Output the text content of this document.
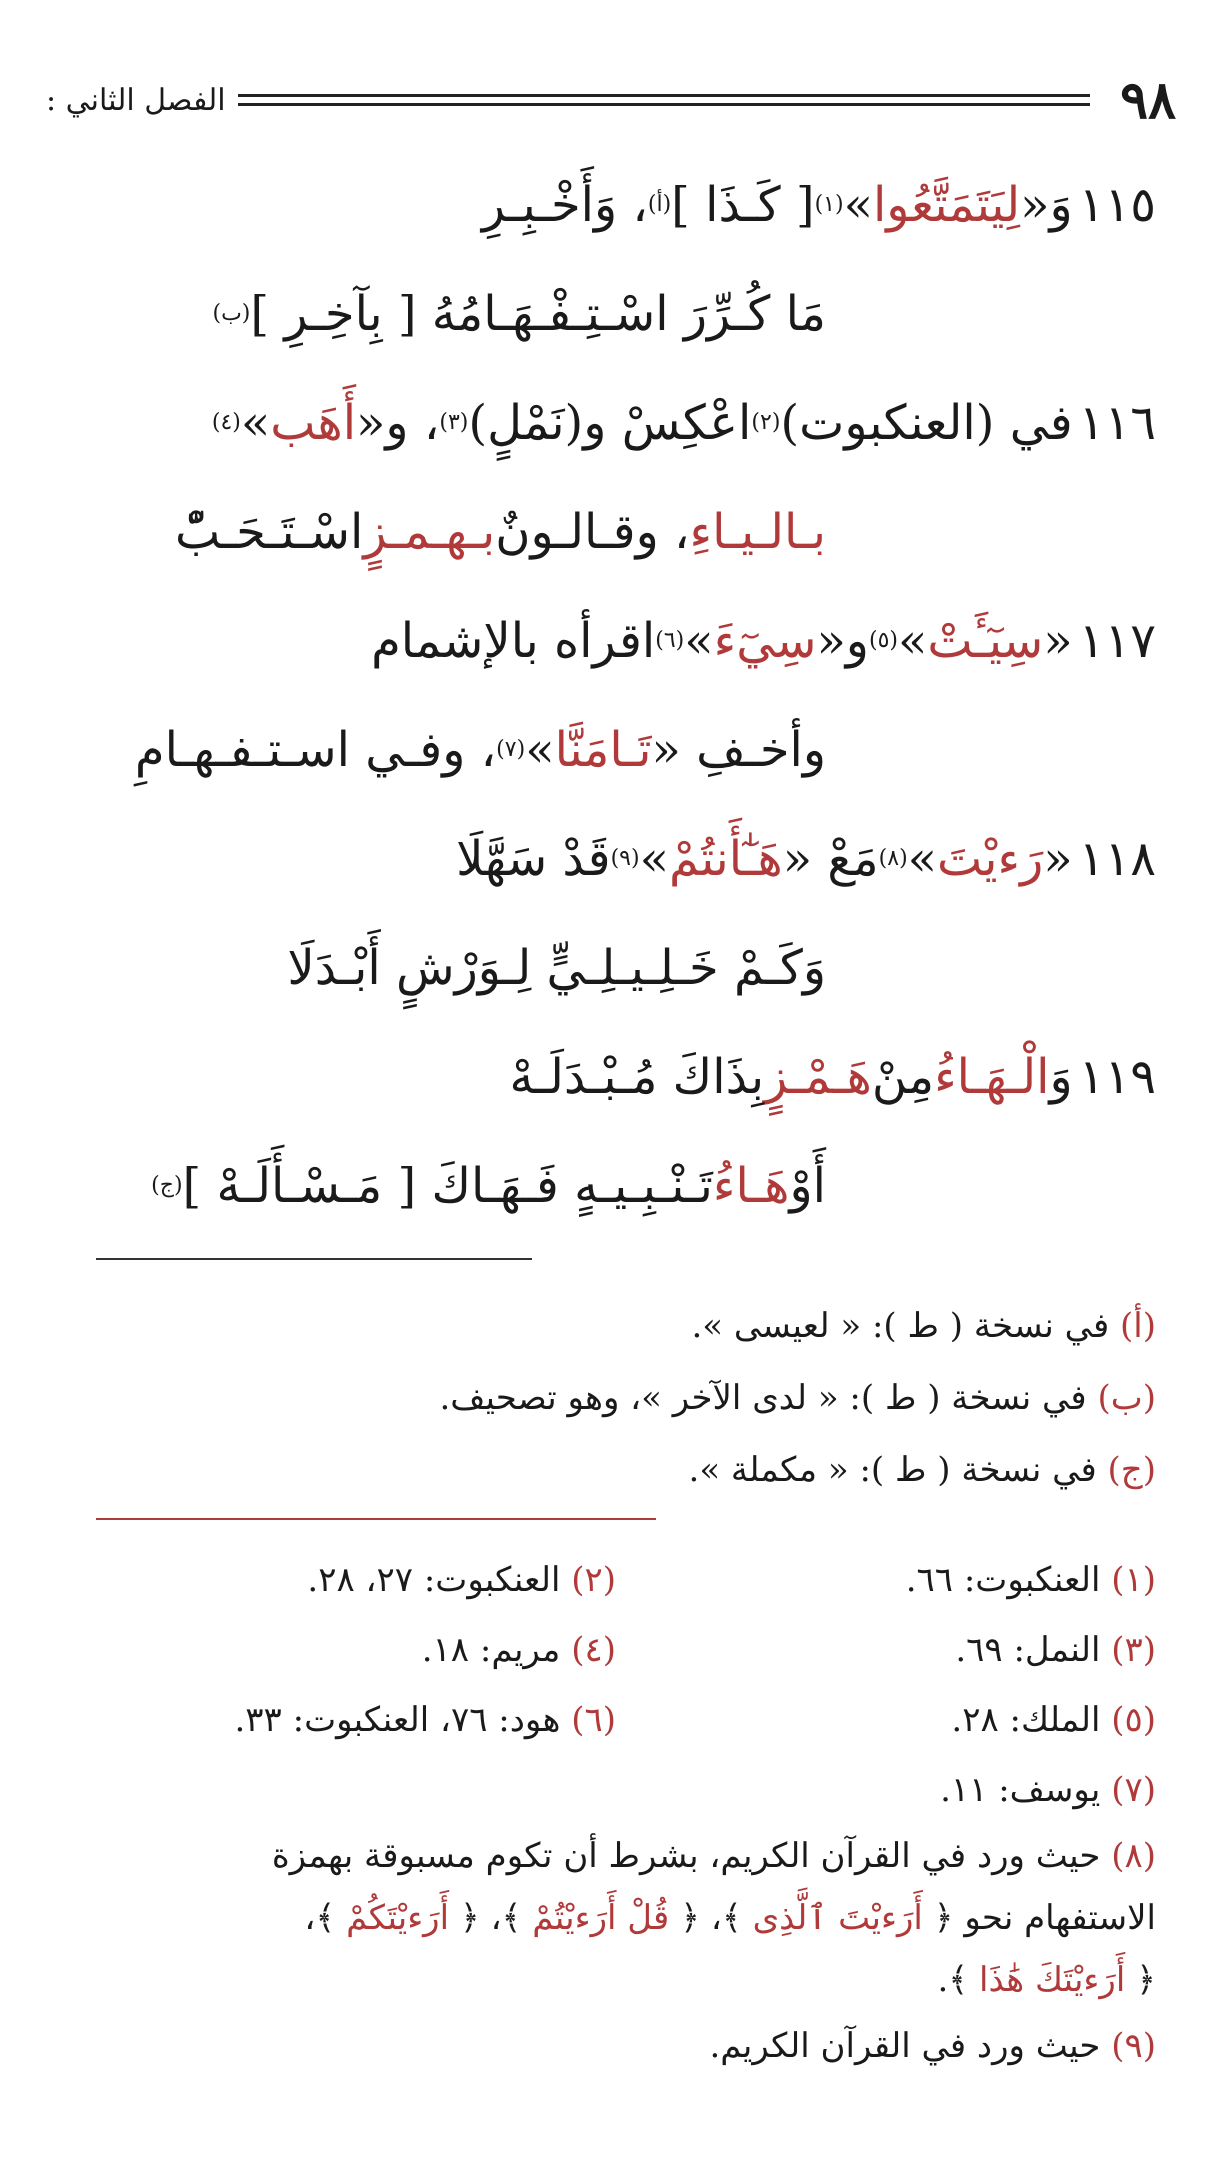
٩٨
الفصل الثاني :
١١٥
وَ
«
لِيَتَمَتَّعُوا
»
(١)
[ كَـذَا ]
(أ)
، وَأَخْـبِـرِ
مَا كُـرِّرَ اسْـتِـفْـهَـامُهُ [ بِآخِـرِ ]
(ب)
١١٦
في (العنكبوت)
(٢)
اعْكِسْ و(نَمْلٍ)
(٣)
، و«
أَهَب
»
(٤)
بـالـيـاءِ
، وقـالـونٌ
بـهـمـزٍ
اسْـتَـحَـبّْ
١١٧
«
سِيٓـَٔتْ
»
(٥)
و«
سِيٓءَ
»
(٦)
اقرأه بالإشمام
وأخـفِ «
تَـامَنَّا
»
(٧)
، وفـي اسـتـفـهـامِ
١١٨
«
رَءيْتَ
»
(٨)
مَعْ «
هَـٰٓأَنتُمْ
»
(٩)
قَدْ سَهَّلَا
وَكَـمْ خَـلِـيـلِـيٍّ لِـوَرْشٍ أَبْـدَلَا
١١٩
وَ
الْـهَـاءُ
مِنْ
هَـمْـزٍ
بِذَاكَ مُـبْـدَلَـهْ
أَوْ
هَـاءُ
تَـنْـبِـيـهٍ فَـهَـاكَ [ مَـسْـأَلَـهْ ]
(ج)
(أ) في نسخة ( ط ): « لعيسى ».
(ب) في نسخة ( ط ): « لدى الآخر »، وهو تصحيف.
(ج) في نسخة ( ط ): « مكملة ».
(١) العنكبوت: ٦٦.
(٢) العنكبوت: ٢٧، ٢٨.
(٣) النمل: ٦٩.
(٤) مريم: ١٨.
(٥) الملك: ٢٨.
(٦) هود: ٧٦، العنكبوت: ٣٣.
(٧) يوسف: ١١.
(٨) حيث ورد في القرآن الكريم، بشرط أن تكوم مسبوقة بهمزة
الاستفهام نحو ﴿ أَرَءيْتَ ٱلَّذِى ﴾، ﴿ قُلْ أَرَءيْتُمْ ﴾، ﴿ أَرَءيْتَكُمْ ﴾،
﴿ أَرَءيْتَكَ هَٰذَا ﴾.
(٩) حيث ورد في القرآن الكريم.
